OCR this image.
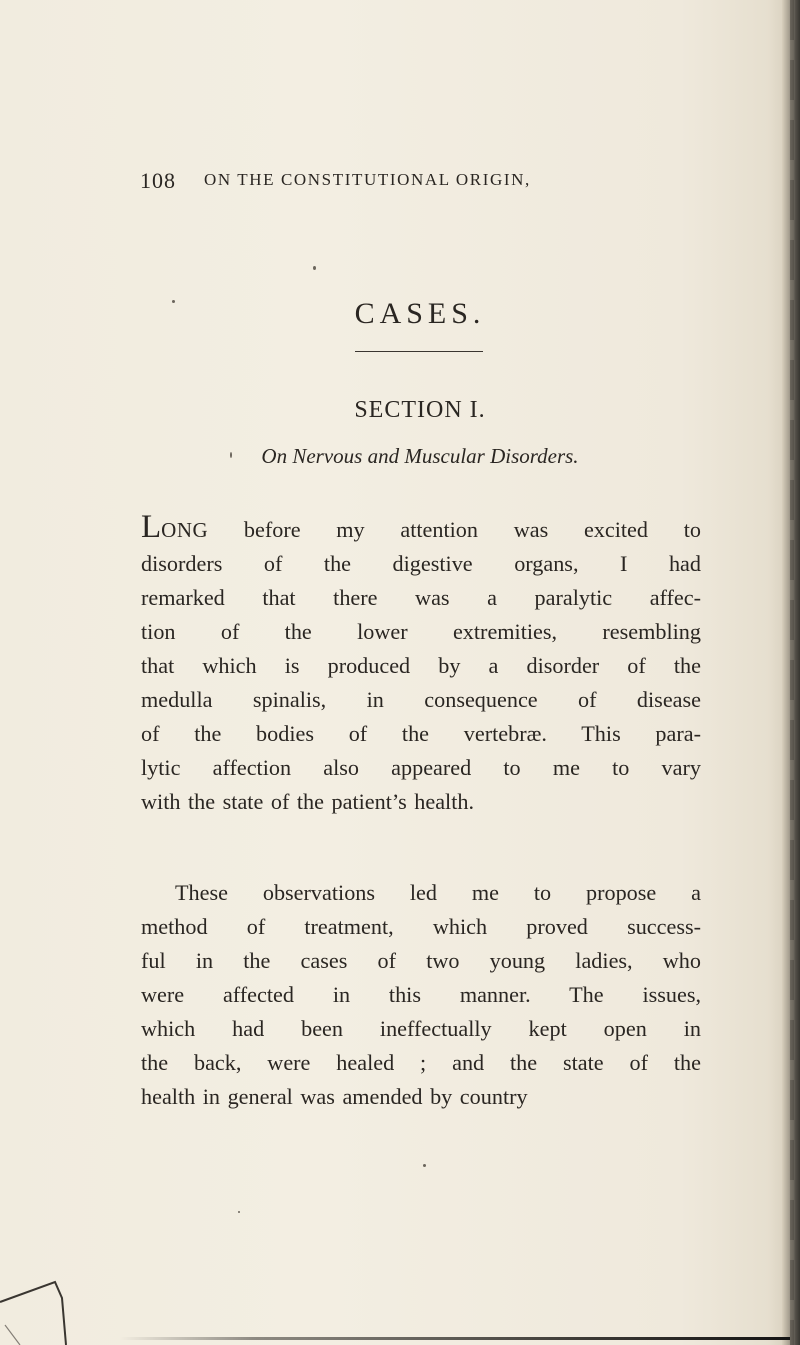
108 ON THE CONSTITUTIONAL ORIGIN,
CASES.
SECTION I.
On Nervous and Muscular Disorders.
LONG before my attention was excited to
disorders of the digestive organs, I had
remarked that there was a paralytic affec-
tion of the lower extremities, resembling
that which is produced by a disorder of the
medulla spinalis, in consequence of disease
of the bodies of the vertebræ. This para-
lytic affection also appeared to me to vary
with the state of the patient’s health.
These observations led me to propose a
method of treatment, which proved success-
ful in the cases of two young ladies, who
were affected in this manner. The issues,
which had been ineffectually kept open in
the back, were healed ; and the state of the
health in general was amended by country
